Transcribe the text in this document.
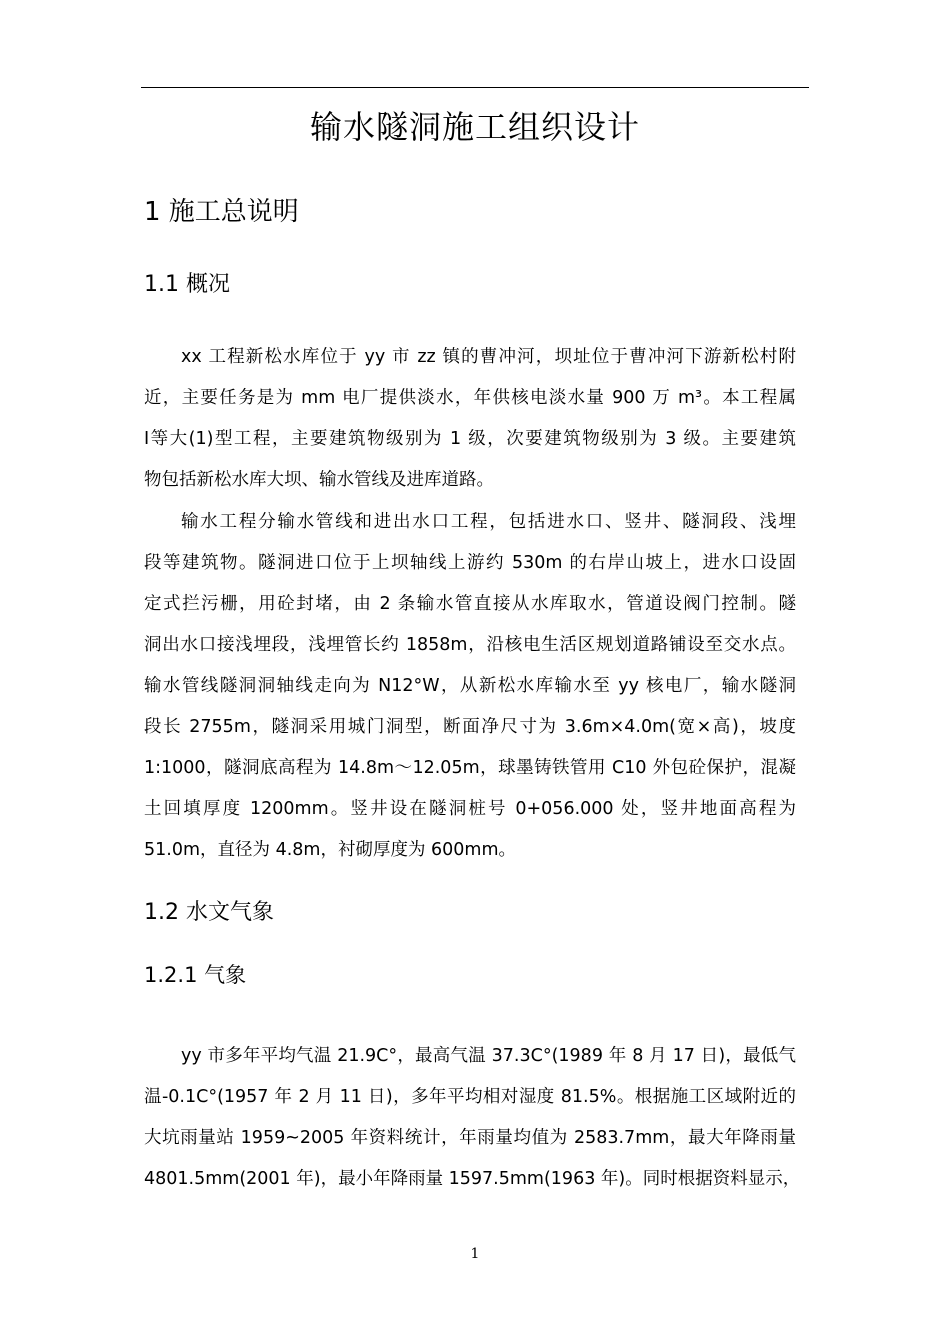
输水隧洞施工组织设计
1 施工总说明
1.1 概况

xx 工程新松水库位于 yy 市 zz 镇的曹冲河，坝址位于曹冲河下游新松村附
近，主要任务是为 mm 电厂提供淡水，年供核电淡水量 900 万 m³。本工程属
Ⅰ等大(1)型工程，主要建筑物级别为 1 级，次要建筑物级别为 3 级。主要建筑
物包括新松水库大坝、输水管线及进库道路。

输水工程分输水管线和进出水口工程，包括进水口、竖井、隧洞段、浅埋
段等建筑物。隧洞进口位于上坝轴线上游约 530m 的右岸山坡上，进水口设固
定式拦污栅，用砼封堵，由 2 条输水管直接从水库取水，管道设阀门控制。隧
洞出水口接浅埋段，浅埋管长约 1858m，沿核电生活区规划道路铺设至交水点。
输水管线隧洞洞轴线走向为 N12°W，从新松水库输水至 yy 核电厂，输水隧洞
段长 2755m，隧洞采用城门洞型，断面净尺寸为 3.6m×4.0m(宽×高)，坡度
1:1000，隧洞底高程为 14.8m～12.05m，球墨铸铁管用 C10 外包砼保护，混凝
土回填厚度 1200mm。竖井设在隧洞桩号 0+056.000 处，竖井地面高程为
51.0m，直径为 4.8m，衬砌厚度为 600mm。

1.2 水文气象
1.2.1 气象

yy 市多年平均气温 21.9C°，最高气温 37.3C°(1989 年 8 月 17 日)，最低气
温-0.1C°(1957 年 2 月 11 日)，多年平均相对湿度 81.5%。根据施工区域附近的
大坑雨量站 1959~2005 年资料统计，年雨量均值为 2583.7mm，最大年降雨量
4801.5mm(2001 年)，最小年降雨量 1597.5mm(1963 年)。同时根据资料显示，

1
